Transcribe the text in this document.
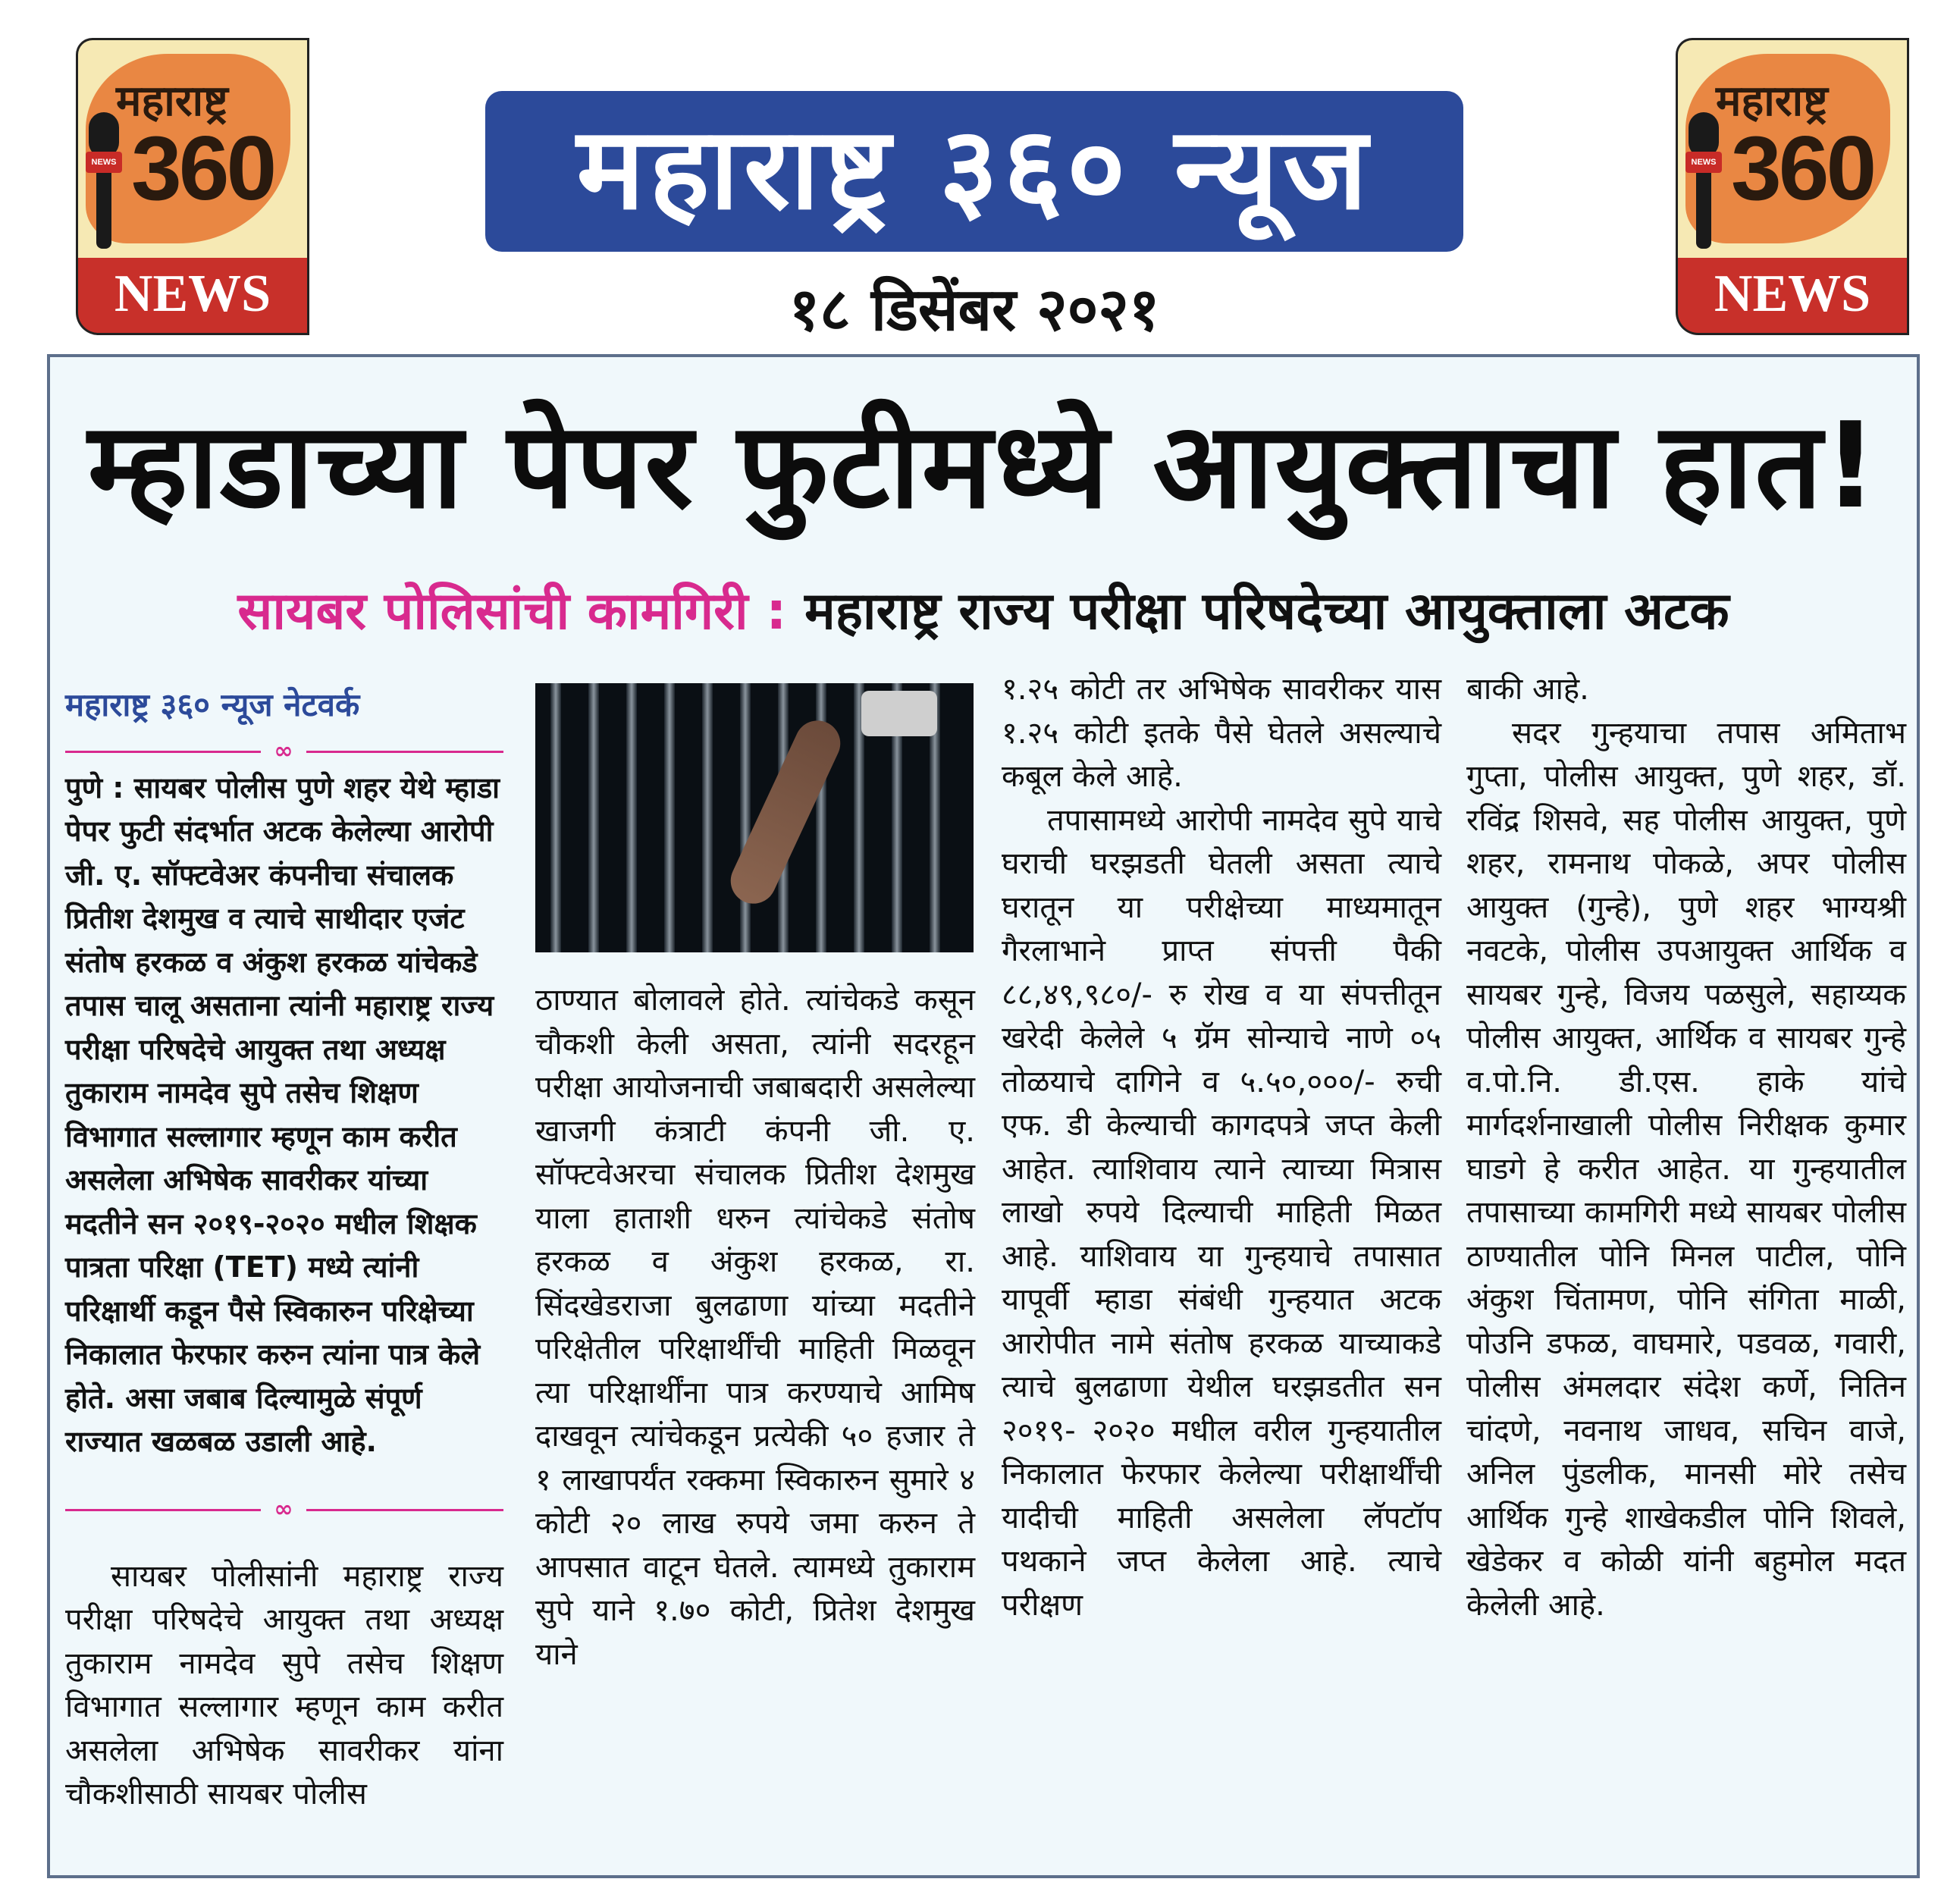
NEWS
महाराष्ट्र
360
NEWS
NEWS
महाराष्ट्र
360
NEWS
महाराष्ट्र ३६० न्यूज
१८ डिसेंबर २०२१
म्हाडाच्या पेपर फुटीमध्ये आयुक्ताचा हात!
सायबर पोलिसांची कामगिरी : महाराष्ट्र राज्य परीक्षा परिषदेच्या आयुक्ताला अटक
महाराष्ट्र ३६० न्यूज नेटवर्क
∞

पुणे : सायबर पोलीस पुणे शहर येथे म्हाडा पेपर फुटी संदर्भात अटक केलेल्या आरोपी जी. ए. सॉफ्टवेअर कंपनीचा संचालक प्रितीश देशमुख व त्याचे साथीदार एजंट संतोष हरकळ व अंकुश हरकळ यांचेकडे तपास चालू असताना त्यांनी महाराष्ट्र राज्य परीक्षा परिषदेचे आयुक्त तथा अध्यक्ष तुकाराम नामदेव सुपे तसेच शिक्षण विभागात सल्लागार म्हणून काम करीत असलेला अभिषेक सावरीकर यांच्या मदतीने सन २०१९-२०२० मधील शिक्षक पात्रता परिक्षा (TET) मध्ये त्यांनी परिक्षार्थी कडून पैसे स्विकारुन परिक्षेच्या निकालात फेरफार करुन त्यांना पात्र केले होते. असा जबाब दिल्यामुळे संपूर्ण राज्यात खळबळ उडाली आहे.

∞

सायबर पोलीसांनी महाराष्ट्र राज्य परीक्षा परिषदेचे आयुक्त तथा अध्यक्ष तुकाराम नामदेव सुपे तसेच शिक्षण विभागात सल्लागार म्हणून काम करीत असलेला अभिषेक सावरीकर यांना चौकशीसाठी सायबर पोलीस

ठाण्यात बोलावले होते. त्यांचेकडे कसून चौकशी केली असता, त्यांनी सदरहून परीक्षा आयोजनाची जबाबदारी असलेल्या खाजगी कंत्राटी कंपनी जी. ए. सॉफ्टवेअरचा संचालक प्रितीश देशमुख याला हाताशी धरुन त्यांचेकडे संतोष हरकळ व अंकुश हरकळ, रा. सिंदखेडराजा बुलढाणा यांच्या मदतीने परिक्षेतील परिक्षार्थींची माहिती मिळवून त्या परिक्षार्थींना पात्र करण्याचे आमिष दाखवून त्यांचेकडून प्रत्येकी ५० हजार ते १ लाखापर्यंत रक्कमा स्विकारुन सुमारे ४ कोटी २० लाख रुपये जमा करुन ते आपसात वाटून घेतले. त्यामध्ये तुकाराम सुपे याने १.७० कोटी, प्रितेश देशमुख याने

१.२५ कोटी तर अभिषेक सावरीकर यास १.२५ कोटी इतके पैसे घेतले असल्याचे कबूल केले आहे.

तपासामध्ये आरोपी नामदेव सुपे याचे घराची घरझडती घेतली असता त्याचे घरातून या परीक्षेच्या माध्यमातून गैरलाभाने प्राप्त संपत्ती पैकी ८८,४९,९८०/- रु रोख व या संपत्तीतून खरेदी केलेले ५ ग्रॅम सोन्याचे नाणे ०५ तोळयाचे दागिने व ५.५०,०००/- रुची एफ. डी केल्याची कागदपत्रे जप्त केली आहेत. त्याशिवाय त्याने त्याच्या मित्रास लाखो रुपये दिल्याची माहिती मिळत आहे. याशिवाय या गुन्हयाचे तपासात यापूर्वी म्हाडा संबंधी गुन्हयात अटक आरोपीत नामे संतोष हरकळ याच्याकडे त्याचे बुलढाणा येथील घरझडतीत सन २०१९- २०२० मधील वरील गुन्हयातील निकालात फेरफार केलेल्या परीक्षार्थींची यादीची माहिती असलेला लॅपटॉप पथकाने जप्त केलेला आहे. त्याचे परीक्षण

बाकी आहे.

सदर गुन्हयाचा तपास अमिताभ गुप्ता, पोलीस आयुक्त, पुणे शहर, डॉ. रविंद्र शिसवे, सह पोलीस आयुक्त, पुणे शहर, रामनाथ पोकळे, अपर पोलीस आयुक्त (गुन्हे), पुणे शहर भाग्यश्री नवटके, पोलीस उपआयुक्त आर्थिक व सायबर गुन्हे, विजय पळसुले, सहाय्यक पोलीस आयुक्त, आर्थिक व सायबर गुन्हे व.पो.नि. डी.एस. हाके यांचे मार्गदर्शनाखाली पोलीस निरीक्षक कुमार घाडगे हे करीत आहेत. या गुन्हयातील तपासाच्या कामगिरी मध्ये सायबर पोलीस ठाण्यातील पोनि मिनल पाटील, पोनि अंकुश चिंतामण, पोनि संगिता माळी, पोउनि डफळ, वाघमारे, पडवळ, गवारी, पोलीस अंमलदार संदेश कर्णे, नितिन चांदणे, नवनाथ जाधव, सचिन वाजे, अनिल पुंडलीक, मानसी मोरे तसेच आर्थिक गुन्हे शाखेकडील पोनि शिवले, खेडेकर व कोळी यांनी बहुमोल मदत केलेली आहे.
